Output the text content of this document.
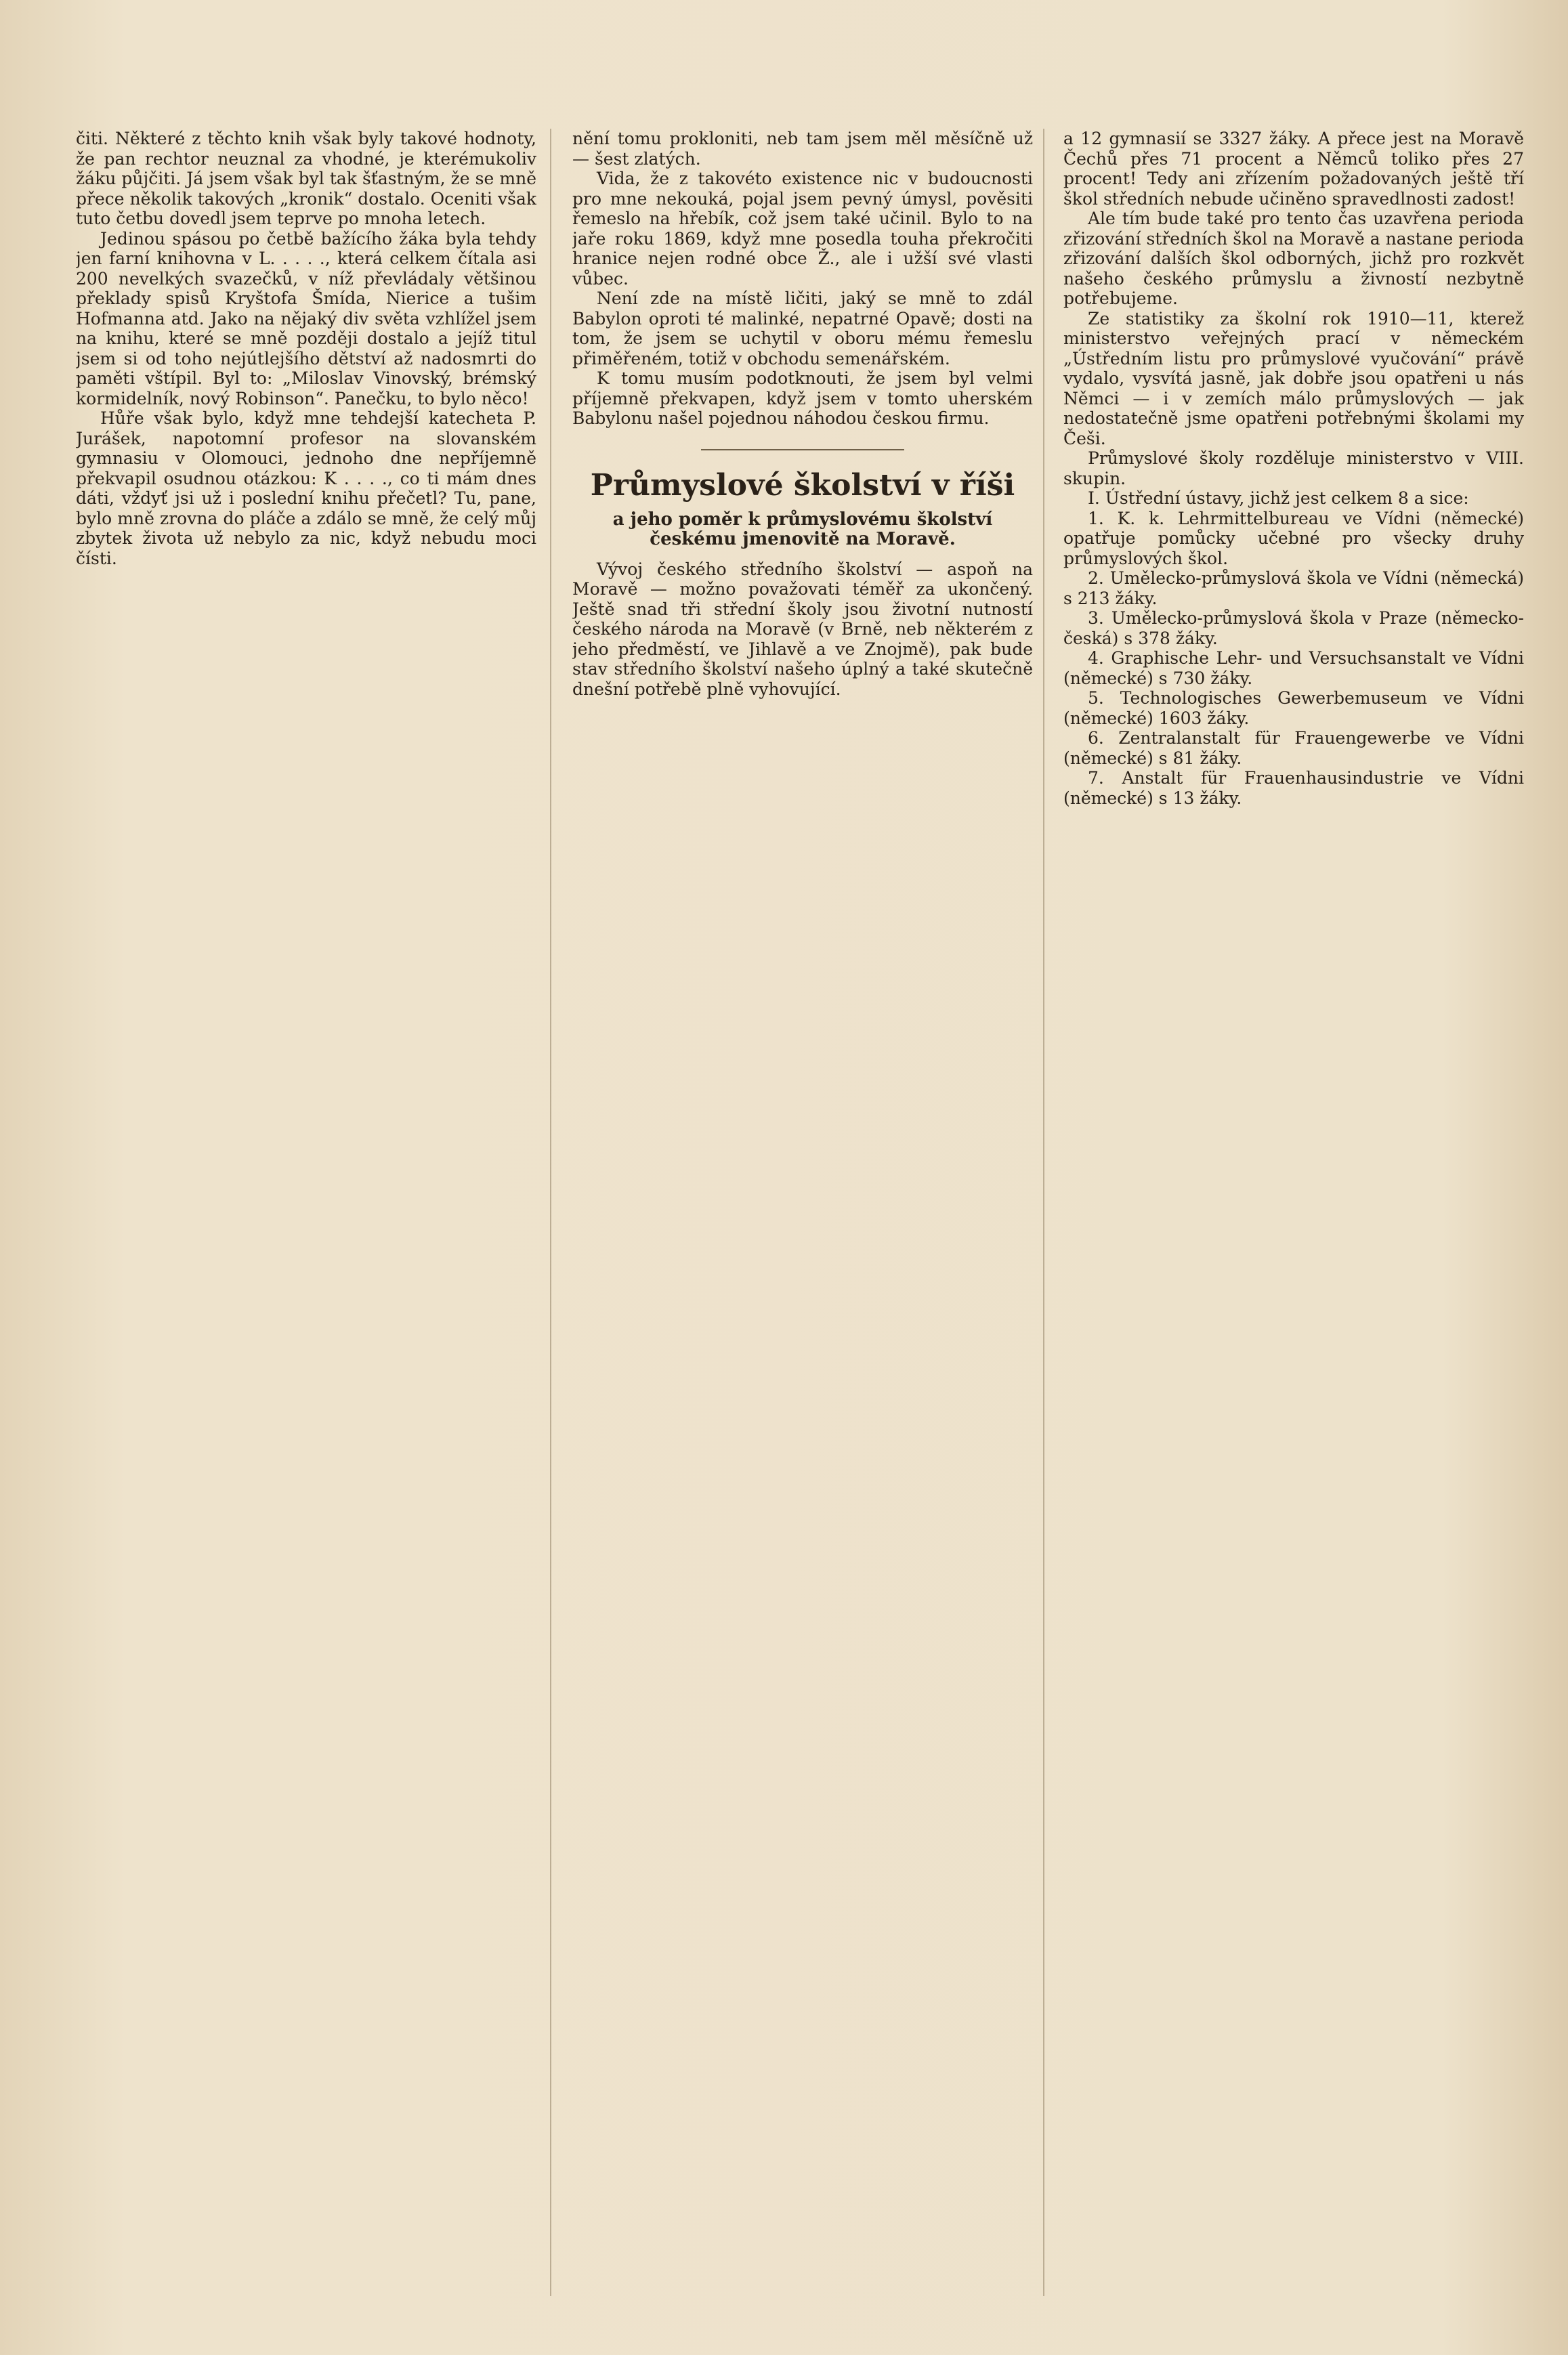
čiti. Některé z těchto knih však byly takové hodnoty, že pan rechtor neuznal za vhodné, je kterémukoliv žáku půjčiti. Já jsem však byl tak šťastným, že se mně přece několik takových „kronik“ dostalo. Oceniti však tuto četbu dovedl jsem teprve po mnoha letech.

Jedinou spásou po četbě bažícího žáka byla tehdy jen farní knihovna v L. . . . ., která celkem čítala asi 200 nevelkých svazečků, v níž převládaly většinou překlady spisů Kryštofa Šmída, Nierice a tušim Hofmanna atd. Jako na nějaký div světa vzhlížel jsem na knihu, které se mně později dostalo a jejíž titul jsem si od toho nejútlejšího dětství až nadosmrti do paměti vštípil. Byl to: „Miloslav Vinovský, brémský kormidelník, nový Robinson“. Panečku, to bylo něco!

Hůře však bylo, když mne tehdejší katecheta P. Jurášek, napotomní profesor na slovanském gymnasiu v Olomouci, jednoho dne nepříjemně překvapil osudnou otázkou: K . . . ., co ti mám dnes dáti, vždyť jsi už i poslední knihu přečetl? Tu, pane, bylo mně zrovna do pláče a zdálo se mně, že celý můj zbytek života už nebylo za nic, když nebudu moci čísti.

nění tomu prokloniti, neb tam jsem měl měsíčně už — šest zlatých.

Vida, že z takovéto existence nic v budoucnosti pro mne nekouká, pojal jsem pevný úmysl, pověsiti řemeslo na hřebík, což jsem také učinil. Bylo to na jaře roku 1869, když mne posedla touha překročiti hranice nejen rodné obce Ž., ale i užší své vlasti vůbec.

Není zde na místě ličiti, jaký se mně to zdál Babylon oproti té malinké, nepatrné Opavě; dosti na tom, že jsem se uchytil v oboru mému řemeslu přiměřeném, totiž v obchodu semenářském.

K tomu musím podotknouti, že jsem byl velmi příjemně překvapen, když jsem v tomto uherském Babylonu našel pojednou náhodou českou firmu.

Průmyslové školství v říši
a jeho poměr k průmyslovému školství českému jmenovitě na Moravě.

Vývoj českého středního školství — aspoň na Moravě — možno považovati téměř za ukončený. Ještě snad tři střední školy jsou životní nutností českého národa na Moravě (v Brně, neb některém z jeho předměstí, ve Jihlavě a ve Znojmě), pak bude stav středního školství našeho úplný a také skutečně dnešní potřebě plně vyhovující.

a 12 gymnasií se 3327 žáky. A přece jest na Moravě Čechů přes 71 procent a Němců toliko přes 27 procent! Tedy ani zřízením požadovaných ještě tří škol středních nebude učiněno spravedlnosti zadost!

Ale tím bude také pro tento čas uzavřena perioda zřizování středních škol na Moravě a nastane perioda zřizování dalších škol odborných, jichž pro rozkvět našeho českého průmyslu a živností nezbytně potřebujeme.

Ze statistiky za školní rok 1910—11, kterež ministerstvo veřejných prací v německém „Ústředním listu pro průmyslové vyučování“ právě vydalo, vysvítá jasně, jak dobře jsou opatřeni u nás Němci — i v zemích málo průmyslových — jak nedostatečně jsme opatřeni potřebnými školami my Češi.

Průmyslové školy rozděluje ministerstvo v VIII. skupin.

I. Ústřední ústavy, jichž jest celkem 8 a sice:

1. K. k. Lehrmittelbureau ve Vídni (německé) opatřuje pomůcky učebné pro všecky druhy průmyslových škol.

2. Umělecko-průmyslová škola ve Vídni (německá) s 213 žáky.

3. Umělecko-průmyslová škola v Praze (německo-česká) s 378 žáky.

4. Graphische Lehr- und Versuchsanstalt ve Vídni (německé) s 730 žáky.

5. Technologisches Gewerbemuseum ve Vídni (německé) 1603 žáky.

6. Zentralanstalt für Frauengewerbe ve Vídni (německé) s 81 žáky.

7. Anstalt für Frauenhausindustrie ve Vídni (německé) s 13 žáky.
